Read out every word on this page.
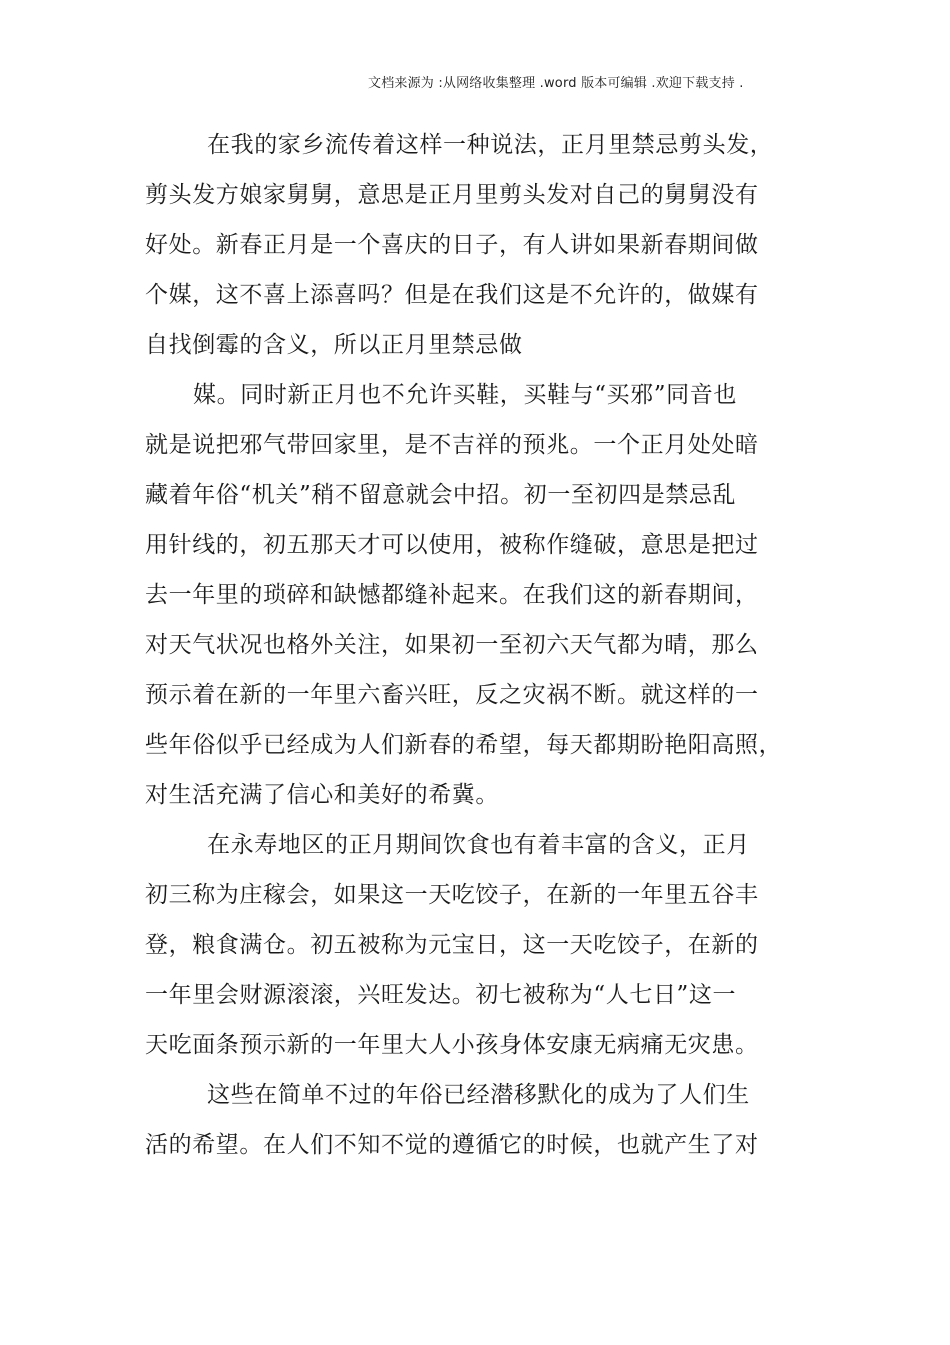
文档来源为 :从网络收集整理 .word 版本可编辑 .欢迎下载支持 .
在我的家乡流传着这样一种说法，正月里禁忌剪头发，
剪头发方娘家舅舅，意思是正月里剪头发对自己的舅舅没有
好处。新春正月是一个喜庆的日子，有人讲如果新春期间做
个媒，这不喜上添喜吗？但是在我们这是不允许的，做媒有
自找倒霉的含义，所以正月里禁忌做
媒。同时新正月也不允许买鞋，买鞋与“买邪”同音也
就是说把邪气带回家里，是不吉祥的预兆。一个正月处处暗
藏着年俗“机关”稍不留意就会中招。初一至初四是禁忌乱
用针线的，初五那天才可以使用，被称作缝破，意思是把过
去一年里的琐碎和缺憾都缝补起来。在我们这的新春期间，
对天气状况也格外关注，如果初一至初六天气都为晴，那么
预示着在新的一年里六畜兴旺，反之灾祸不断。就这样的一
些年俗似乎已经成为人们新春的希望，每天都期盼艳阳高照，
对生活充满了信心和美好的希冀。
在永寿地区的正月期间饮食也有着丰富的含义，正月
初三称为庄稼会，如果这一天吃饺子，在新的一年里五谷丰
登，粮食满仓。初五被称为元宝日，这一天吃饺子，在新的
一年里会财源滚滚，兴旺发达。初七被称为“人七日”这一
天吃面条预示新的一年里大人小孩身体安康无病痛无灾患。
这些在简单不过的年俗已经潜移默化的成为了人们生
活的希望。在人们不知不觉的遵循它的时候，也就产生了对
